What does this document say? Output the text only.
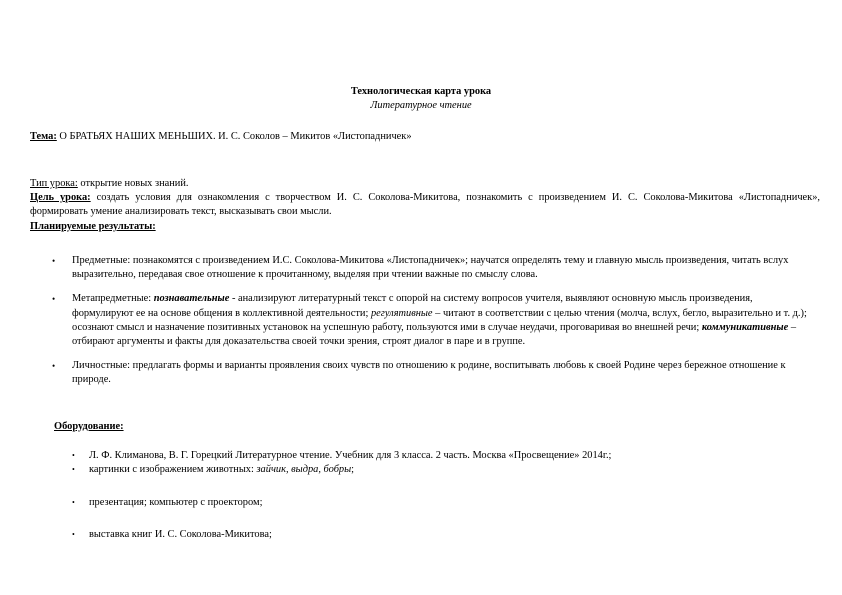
Технологическая карта урока
Литературное чтение
Тема: О БРАТЬЯХ НАШИХ МЕНЬШИХ. И. С. Соколов – Микитов «Листопадничек»
Тип урока: открытие новых знаний.
Цель урока: создать условия для ознакомления с творчеством И. С. Соколова-Микитова, познакомить с произведением И. С. Соколова-Микитова «Листопадничек», формировать умение анализировать текст, высказывать свои мысли.
Планируемые результаты:
• Предметные: познакомятся с произведением И.С. Соколова-Микитова «Листопадничек»; научатся определять тему и главную мысль произведения, читать вслух выразительно, передавая свое отношение к прочитанному, выделяя при чтении важные по смыслу слова.
• Метапредметные: познавательные - анализируют литературный текст с опорой на систему вопросов учителя, выявляют основную мысль произведения, формулируют ее на основе общения в коллективной деятельности; регулятивные – читают в соответствии с целью чтения (молча, вслух, бегло, выразительно и т. д.); осознают смысл и назначение позитивных установок на успешную работу, пользуются ими в случае неудачи, проговаривая во внешней речи; коммуникативные – отбирают аргументы и факты для доказательства своей точки зрения, строят диалог в паре и в группе.
• Личностные: предлагать формы и варианты проявления своих чувств по отношению к родине, воспитывать любовь к своей Родине через бережное отношение к природе.
Оборудование:
• Л. Ф. Климанова, В. Г. Горецкий Литературное чтение. Учебник для 3 класса. 2 часть. Москва «Просвещение» 2014г.;
• картинки с изображением животных: зайчик, выдра, бобры;
• презентация; компьютер с проектором;
• выставка книг И. С. Соколова-Микитова;
